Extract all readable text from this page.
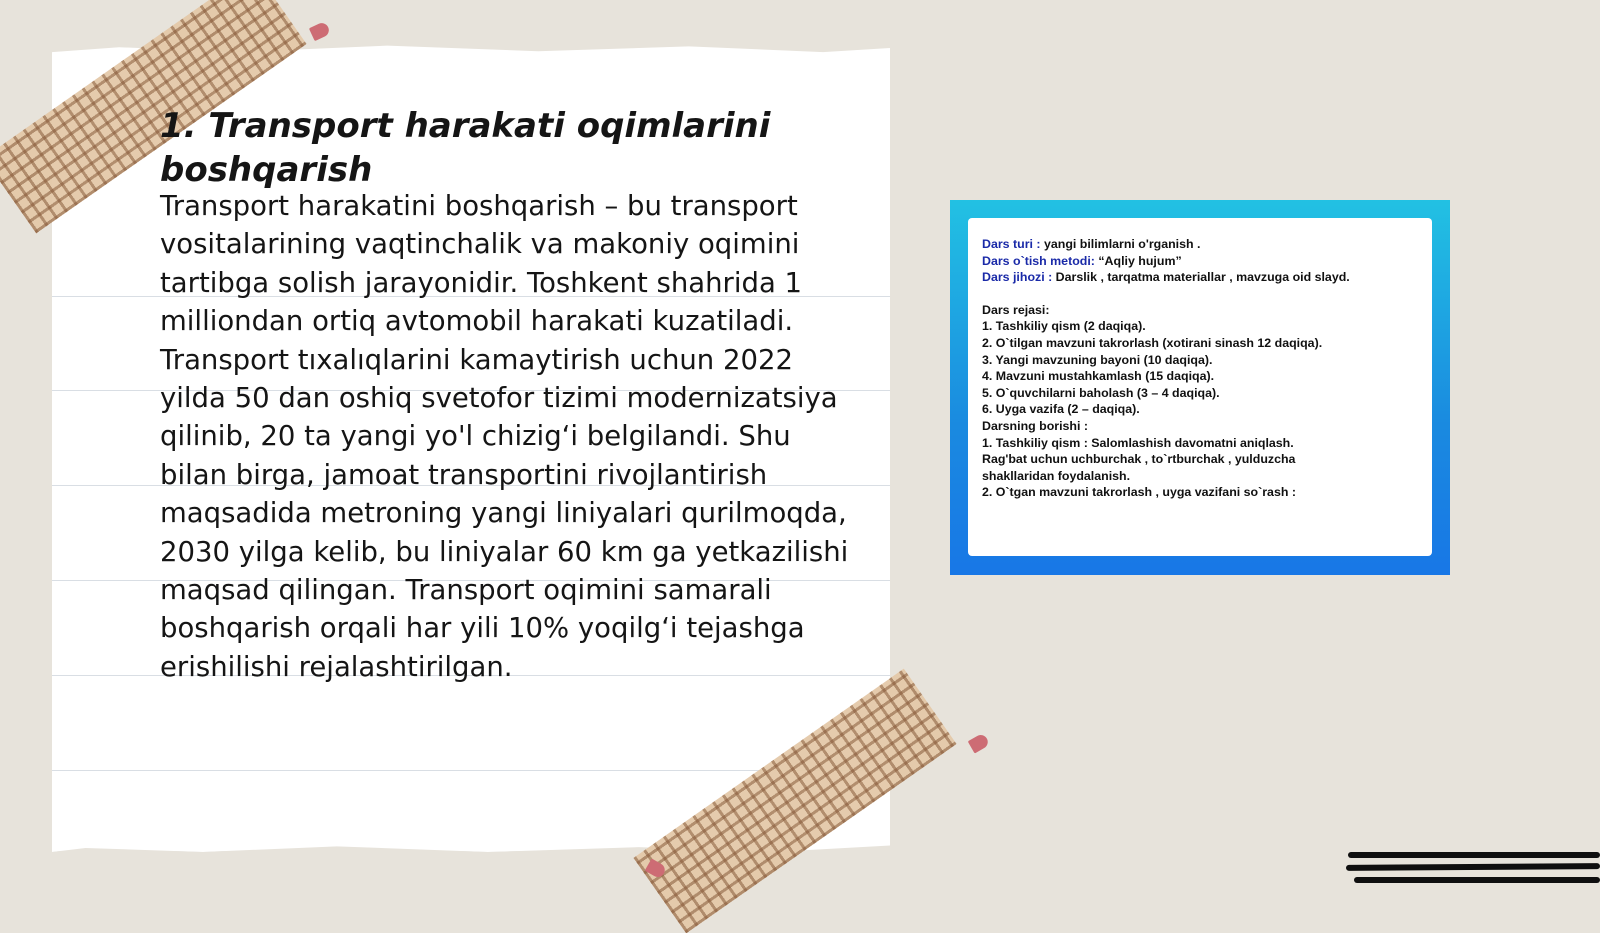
1. Transport harakati oqimlarini boshqarish

Transport harakatini boshqarish – bu transport vositalarining vaqtinchalik va makoniy oqimini tartibga solish jarayonidir. Toshkent shahrida 1 milliondan ortiq avtomobil harakati kuzatiladi. Transport tıxalıqlarini kamaytirish uchun 2022 yilda 50 dan oshiq svetofor tizimi modernizatsiya qilinib, 20 ta yangi yo'l chizig‘i belgilandi. Shu bilan birga, jamoat transportini rivojlantirish maqsadida metroning yangi liniyalari qurilmoqda, 2030 yilga kelib, bu liniyalar 60 km ga yetkazilishi maqsad qilingan. Transport oqimini samarali boshqarish orqali har yili 10% yoqilg‘i tejashga erishilishi rejalashtirilgan.

Dars turi : yangi bilimlarni o'rganish .
Dars o`tish metodi: “Aqliy hujum”
Dars jihozi : Darslik , tarqatma materiallar , mavzuga oid slayd.
Dars rejasi:
1. Tashkiliy qism (2 daqiqa).
2. O`tilgan mavzuni takrorlash (xotirani sinash 12 daqiqa).
3. Yangi mavzuning bayoni (10 daqiqa).
4. Mavzuni mustahkamlash (15 daqiqa).
5. O`quvchilarni baholash (3 – 4 daqiqa).
6. Uyga vazifa (2 – daqiqa).
Darsning borishi :
1. Tashkiliy qism : Salomlashish davomatni aniqlash.
Rag'bat uchun uchburchak , to`rtburchak , yulduzcha
shakllaridan foydalanish.
2. O`tgan mavzuni takrorlash , uyga vazifani so`rash :
